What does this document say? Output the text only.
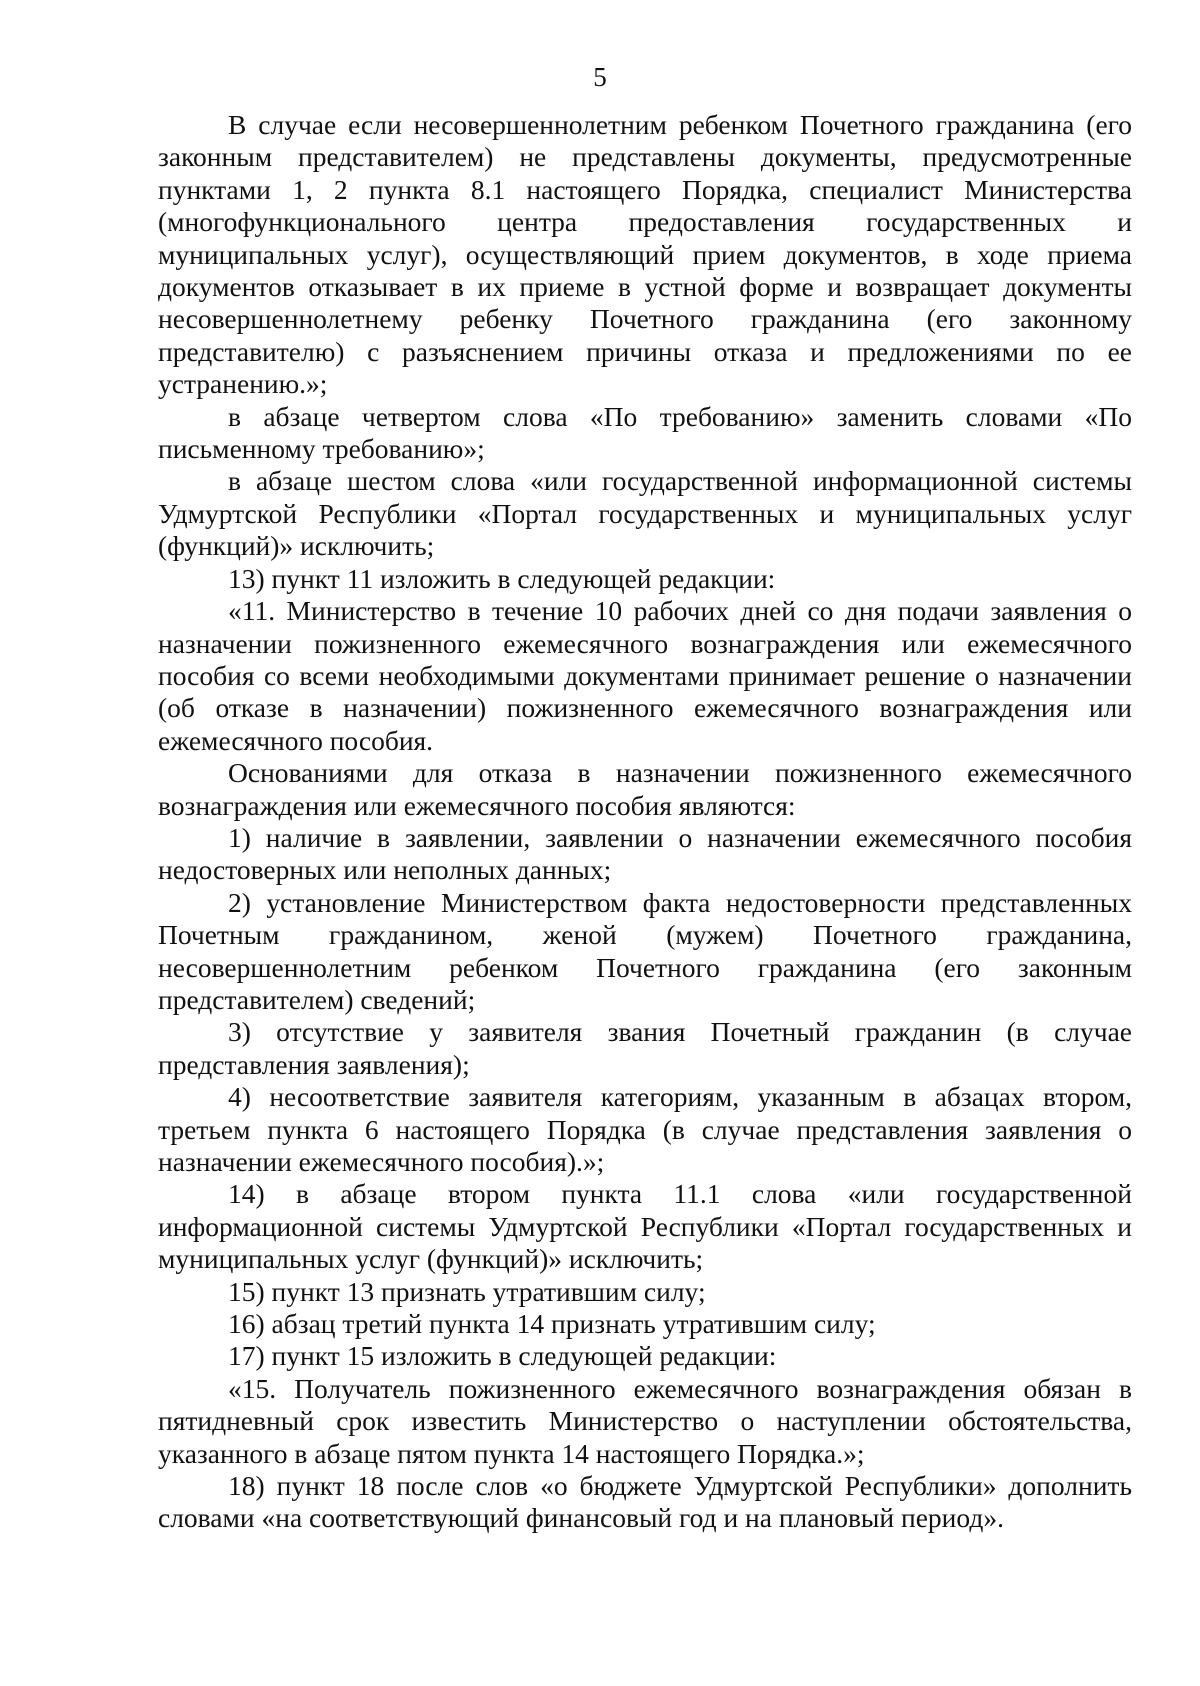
5

В случае если несовершеннолетним ребенком Почетного гражданина (его законным представителем) не представлены документы, предусмотренные пунктами 1, 2 пункта 8.1 настоящего Порядка, специалист Министерства (многофункционального центра предоставления государственных и муниципальных услуг), осуществляющий прием документов, в ходе приема документов отказывает в их приеме в устной форме и возвращает документы несовершеннолетнему ребенку Почетного гражданина (его законному представителю) с разъяснением причины отказа и предложениями по ее устранению.»;

в абзаце четвертом слова «По требованию» заменить словами «По письменному требованию»;

в абзаце шестом слова «или государственной информационной системы Удмуртской Республики «Портал государственных и муниципальных услуг (функций)» исключить;

13) пункт 11 изложить в следующей редакции:

«11. Министерство в течение 10 рабочих дней со дня подачи заявления о назначении пожизненного ежемесячного вознаграждения или ежемесячного пособия со всеми необходимыми документами принимает решение о назначении (об отказе в назначении) пожизненного ежемесячного вознаграждения или ежемесячного пособия.

Основаниями для отказа в назначении пожизненного ежемесячного вознаграждения или ежемесячного пособия являются:

1) наличие в заявлении, заявлении о назначении ежемесячного пособия недостоверных или неполных данных;

2) установление Министерством факта недостоверности представленных Почетным гражданином, женой (мужем) Почетного гражданина, несовершеннолетним ребенком Почетного гражданина (его законным представителем) сведений;

3) отсутствие у заявителя звания Почетный гражданин (в случае представления заявления);

4) несоответствие заявителя категориям, указанным в абзацах втором, третьем пункта 6 настоящего Порядка (в случае представления заявления о назначении ежемесячного пособия).»;

14) в абзаце втором пункта 11.1 слова «или государственной информационной системы Удмуртской Республики «Портал государственных и муниципальных услуг (функций)» исключить;

15) пункт 13 признать утратившим силу;

16) абзац третий пункта 14 признать утратившим силу;

17) пункт 15 изложить в следующей редакции:

«15. Получатель пожизненного ежемесячного вознаграждения обязан в пятидневный срок известить Министерство о наступлении обстоятельства, указанного в абзаце пятом пункта 14 настоящего Порядка.»;

18) пункт 18 после слов «о бюджете Удмуртской Республики» дополнить словами «на соответствующий финансовый год и на плановый период».
